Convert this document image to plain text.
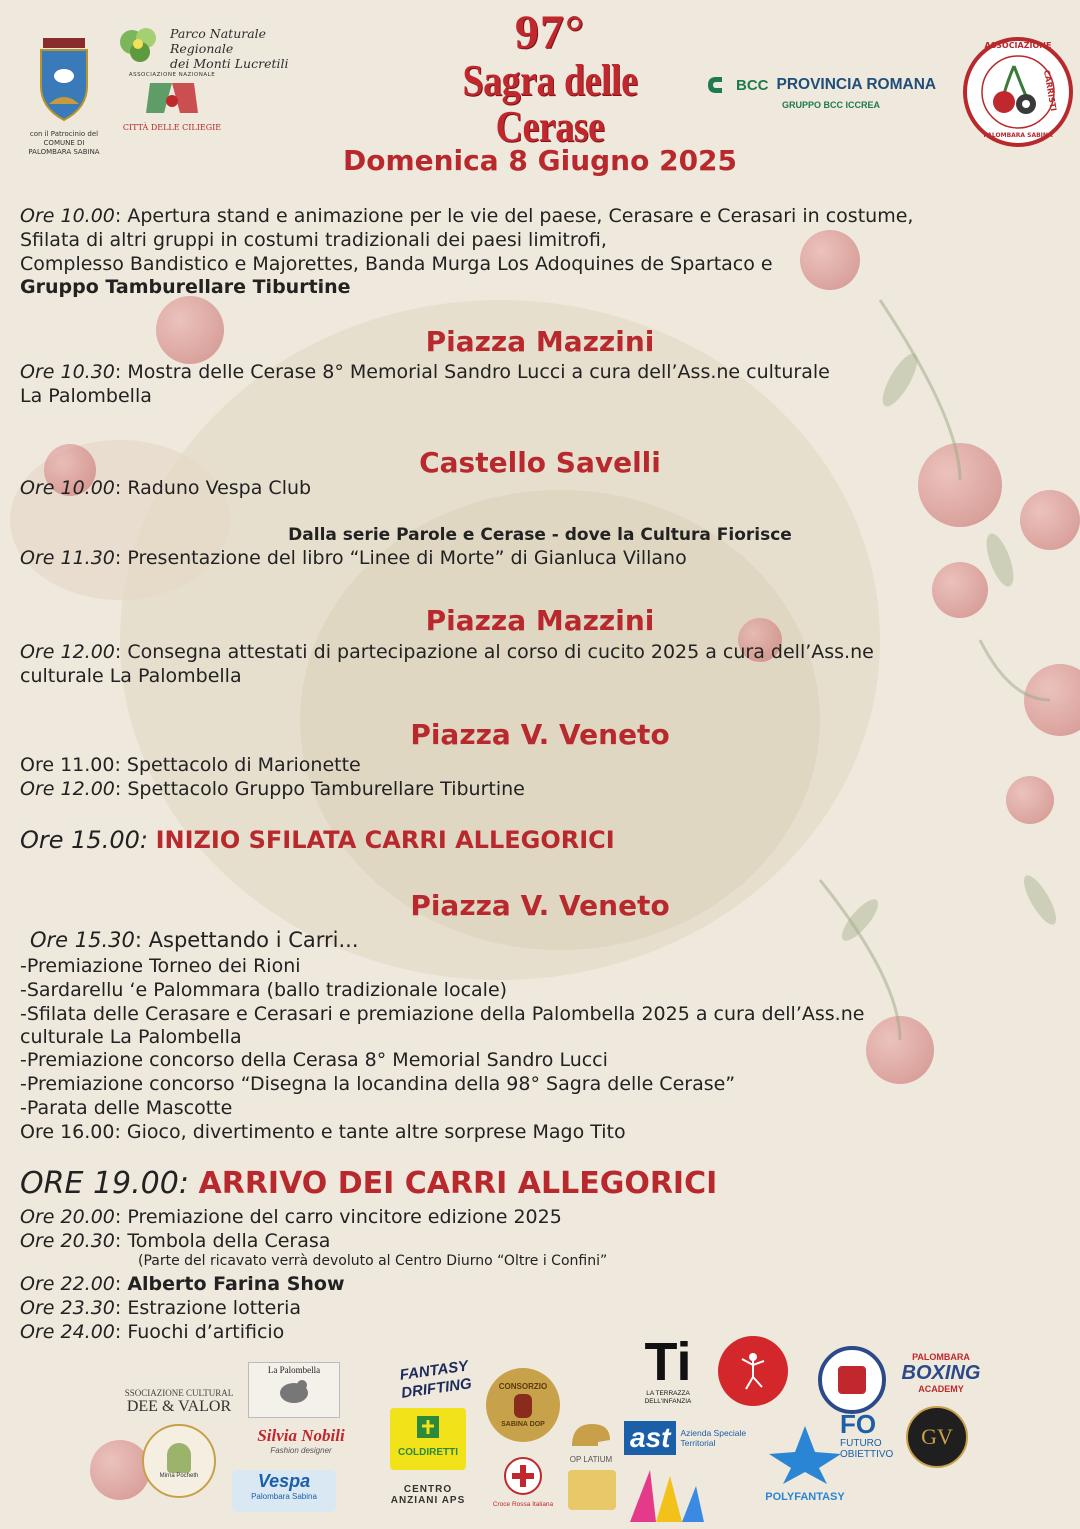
con il Patrocinio del COMUNE DI PALOMBARA SABINA
Parco Naturale Regionale
dei Monti Lucretili
ASSOCIAZIONE NAZIONALE
CITTÀ DELLE CILIEGIE
97°
Sagra delle Cerase
BCC PROVINCIA ROMANA
GRUPPO BCC ICCREA
ASSOCIAZIONE
CARRISTI
PALOMBARA SABINA
Domenica 8 Giugno 2025
Ore 10.00: Apertura stand e animazione per le vie del paese, Cerasare e Cerasari in costume,
Sfilata di altri gruppi in costumi tradizionali dei paesi limitrofi,
Complesso Bandistico e Majorettes, Banda Murga Los Adoquines de Spartaco e
Gruppo Tamburellare Tiburtine
Piazza Mazzini
Ore 10.30: Mostra delle Cerase 8° Memorial Sandro Lucci a cura dell’Ass.ne culturale
La Palombella
Castello Savelli
Ore 10.00: Raduno Vespa Club
Dalla serie Parole e Cerase - dove la Cultura Fiorisce
Ore 11.30: Presentazione del libro “Linee di Morte” di Gianluca Villano
Piazza Mazzini
Ore 12.00: Consegna attestati di partecipazione al corso di cucito 2025 a cura dell’Ass.ne
culturale La Palombella
Piazza V. Veneto
Ore 11.00: Spettacolo di Marionette
Ore 12.00: Spettacolo Gruppo Tamburellare Tiburtine
Ore 15.00: INIZIO SFILATA CARRI ALLEGORICI
Piazza V. Veneto
Ore 15.30: Aspettando i Carri...
-Premiazione Torneo dei Rioni
-Sardarellu ‘e Palommara (ballo tradizionale locale)
-Sfilata delle Cerasare e Cerasari e premiazione della Palombella 2025 a cura dell’Ass.ne
culturale La Palombella
-Premiazione concorso della Cerasa 8° Memorial Sandro Lucci
-Premiazione concorso “Disegna la locandina della 98° Sagra delle Cerase”
-Parata delle Mascotte
Ore 16.00: Gioco, divertimento e tante altre sorprese Mago Tito
ORE 19.00: ARRIVO DEI CARRI ALLEGORICI
Ore 20.00: Premiazione del carro vincitore edizione 2025
Ore 20.30: Tombola della Cerasa
(Parte del ricavato verrà devoluto al Centro Diurno “Oltre i Confini”
Ore 22.00: Alberto Farina Show
Ore 23.30: Estrazione lotteria
Ore 24.00: Fuochi d’artificio
La Palombella
SSOCIAZIONE CULTURAL
DEE & VALOR
FANTASY DRIFTING
COLDIRETTI
CONSORZIO
SABINA DOP
OP LATIUM
Ti
LA TERRAZZA DELL'INFANZIA
ast	Azienda Speciale Territorial
PALOMBARA
BOXING
ACADEMY
Silvia Nobili
Fashion designer
Mirna Pocheth	Vespa
Palombara Sabina
CENTRO ANZIANI APS	Croce Rossa Italiana
POLYFANTASY
FO
FUTURO
OBIETTIVO
GV
